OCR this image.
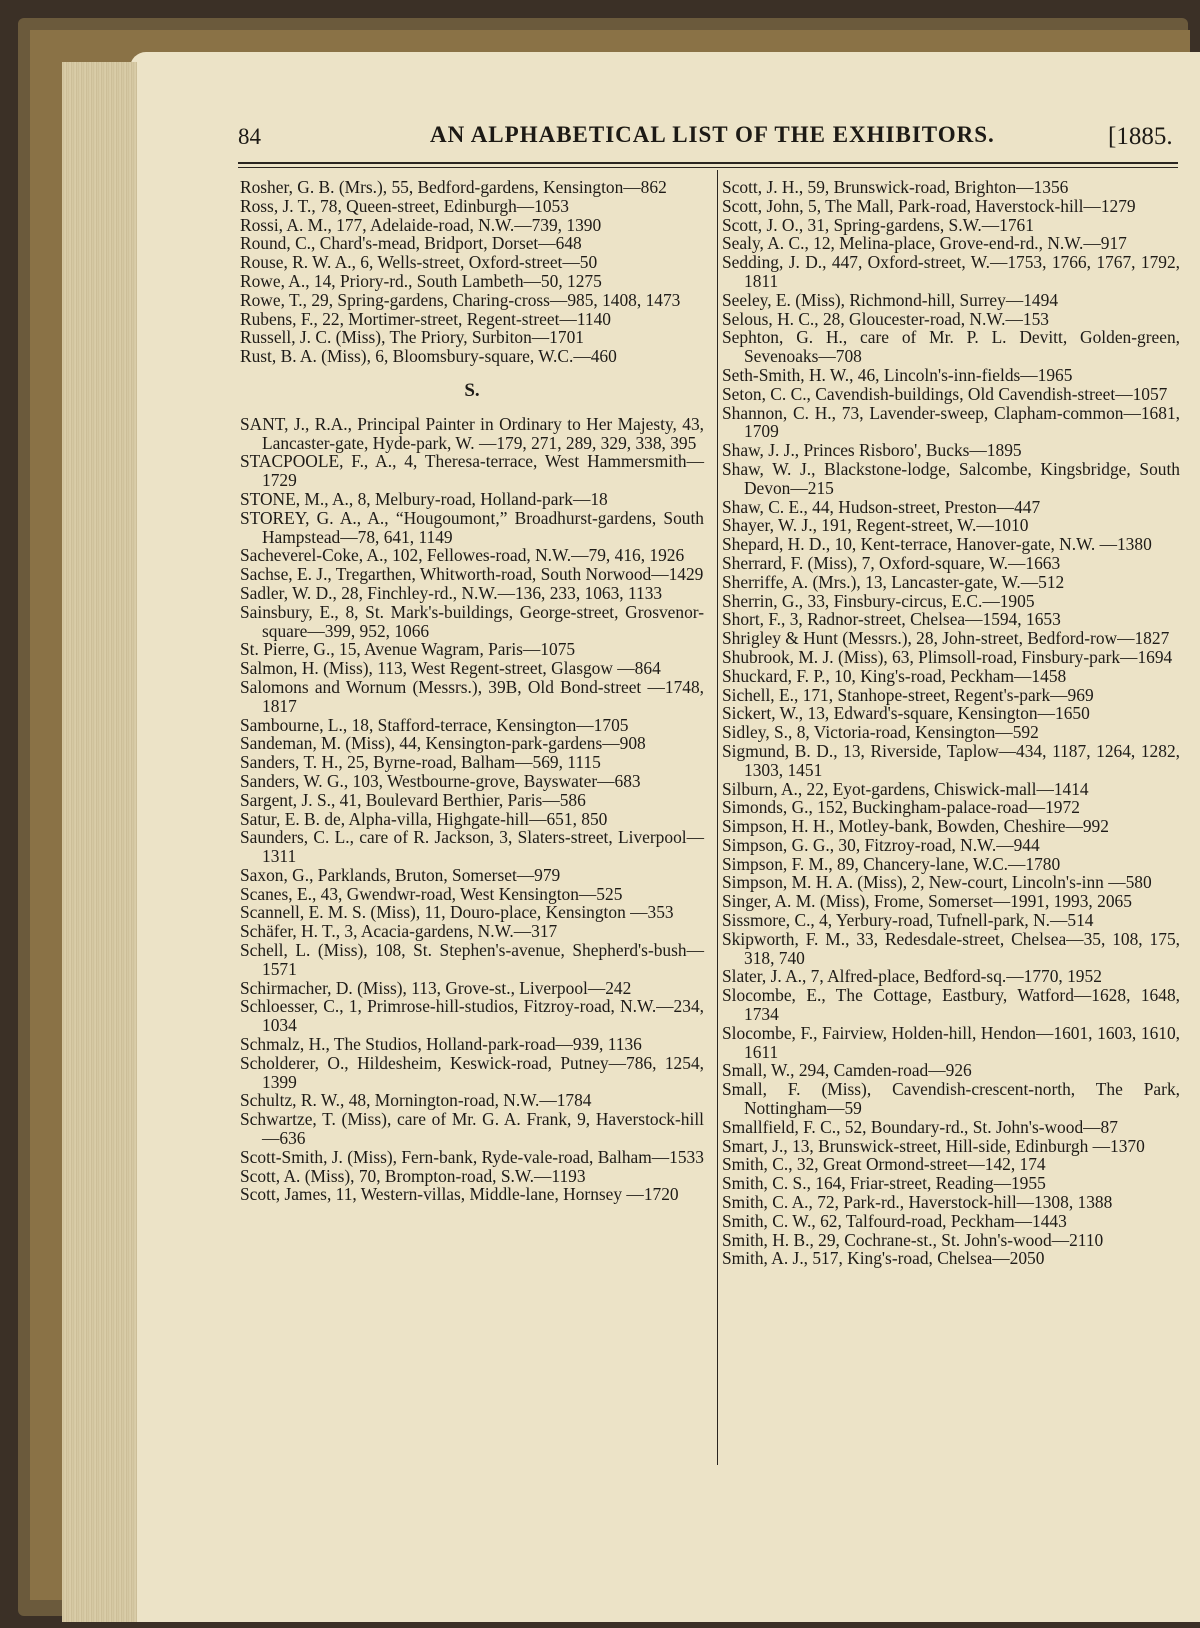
84	AN ALPHABETICAL LIST OF THE EXHIBITORS.	[1885.

Rosher, G. B. (Mrs.), 55, Bedford-gardens, Kensington—862

Ross, J. T., 78, Queen-street, Edinburgh—1053

Rossi, A. M., 177, Adelaide-road, N.W.—739, 1390

Round, C., Chard's-mead, Bridport, Dorset—648

Rouse, R. W. A., 6, Wells-street, Oxford-street—50

Rowe, A., 14, Priory-rd., South Lambeth—50, 1275

Rowe, T., 29, Spring-gardens, Charing-cross—985, 1408, 1473

Rubens, F., 22, Mortimer-street, Regent-street—1140

Russell, J. C. (Miss), The Priory, Surbiton—1701

Rust, B. A. (Miss), 6, Bloomsbury-square, W.C.—460

S.

SANT, J., R.A., Principal Painter in Ordinary to Her Majesty, 43, Lancaster-gate, Hyde-park, W. —179, 271, 289, 329, 338, 395

STACPOOLE, F., A., 4, Theresa-terrace, West Hammersmith—1729

STONE, M., A., 8, Melbury-road, Holland-park—18

STOREY, G. A., A., “Hougoumont,” Broadhurst-gardens, South Hampstead—78, 641, 1149

Sacheverel-Coke, A., 102, Fellowes-road, N.W.—79, 416, 1926

Sachse, E. J., Tregarthen, Whitworth-road, South Norwood—1429

Sadler, W. D., 28, Finchley-rd., N.W.—136, 233, 1063, 1133

Sainsbury, E., 8, St. Mark's-buildings, George-street, Grosvenor-square—399, 952, 1066

St. Pierre, G., 15, Avenue Wagram, Paris—1075

Salmon, H. (Miss), 113, West Regent-street, Glasgow —864

Salomons and Wornum (Messrs.), 39B, Old Bond-street —1748, 1817

Sambourne, L., 18, Stafford-terrace, Kensington—1705

Sandeman, M. (Miss), 44, Kensington-park-gardens—908

Sanders, T. H., 25, Byrne-road, Balham—569, 1115

Sanders, W. G., 103, Westbourne-grove, Bayswater—683

Sargent, J. S., 41, Boulevard Berthier, Paris—586

Satur, E. B. de, Alpha-villa, Highgate-hill—651, 850

Saunders, C. L., care of R. Jackson, 3, Slaters-street, Liverpool—1311

Saxon, G., Parklands, Bruton, Somerset—979

Scanes, E., 43, Gwendwr-road, West Kensington—525

Scannell, E. M. S. (Miss), 11, Douro-place, Kensington —353

Schäfer, H. T., 3, Acacia-gardens, N.W.—317

Schell, L. (Miss), 108, St. Stephen's-avenue, Shepherd's-bush—1571

Schirmacher, D. (Miss), 113, Grove-st., Liverpool—242

Schloesser, C., 1, Primrose-hill-studios, Fitzroy-road, N.W.—234, 1034

Schmalz, H., The Studios, Holland-park-road—939, 1136

Scholderer, O., Hildesheim, Keswick-road, Putney—786, 1254, 1399

Schultz, R. W., 48, Mornington-road, N.W.—1784

Schwartze, T. (Miss), care of Mr. G. A. Frank, 9, Haverstock-hill—636

Scott-Smith, J. (Miss), Fern-bank, Ryde-vale-road, Balham—1533

Scott, A. (Miss), 70, Brompton-road, S.W.—1193

Scott, James, 11, Western-villas, Middle-lane, Hornsey —1720

Scott, J. H., 59, Brunswick-road, Brighton—1356

Scott, John, 5, The Mall, Park-road, Haverstock-hill—1279

Scott, J. O., 31, Spring-gardens, S.W.—1761

Sealy, A. C., 12, Melina-place, Grove-end-rd., N.W.—917

Sedding, J. D., 447, Oxford-street, W.—1753, 1766, 1767, 1792, 1811

Seeley, E. (Miss), Richmond-hill, Surrey—1494

Selous, H. C., 28, Gloucester-road, N.W.—153

Sephton, G. H., care of Mr. P. L. Devitt, Golden-green, Sevenoaks—708

Seth-Smith, H. W., 46, Lincoln's-inn-fields—1965

Seton, C. C., Cavendish-buildings, Old Cavendish-street—1057

Shannon, C. H., 73, Lavender-sweep, Clapham-common—1681, 1709

Shaw, J. J., Princes Risboro', Bucks—1895

Shaw, W. J., Blackstone-lodge, Salcombe, Kingsbridge, South Devon—215

Shaw, C. E., 44, Hudson-street, Preston—447

Shayer, W. J., 191, Regent-street, W.—1010

Shepard, H. D., 10, Kent-terrace, Hanover-gate, N.W. —1380

Sherrard, F. (Miss), 7, Oxford-square, W.—1663

Sherriffe, A. (Mrs.), 13, Lancaster-gate, W.—512

Sherrin, G., 33, Finsbury-circus, E.C.—1905

Short, F., 3, Radnor-street, Chelsea—1594, 1653

Shrigley & Hunt (Messrs.), 28, John-street, Bedford-row—1827

Shubrook, M. J. (Miss), 63, Plimsoll-road, Finsbury-park—1694

Shuckard, F. P., 10, King's-road, Peckham—1458

Sichell, E., 171, Stanhope-street, Regent's-park—969

Sickert, W., 13, Edward's-square, Kensington—1650

Sidley, S., 8, Victoria-road, Kensington—592

Sigmund, B. D., 13, Riverside, Taplow—434, 1187, 1264, 1282, 1303, 1451

Silburn, A., 22, Eyot-gardens, Chiswick-mall—1414

Simonds, G., 152, Buckingham-palace-road—1972

Simpson, H. H., Motley-bank, Bowden, Cheshire—992

Simpson, G. G., 30, Fitzroy-road, N.W.—944

Simpson, F. M., 89, Chancery-lane, W.C.—1780

Simpson, M. H. A. (Miss), 2, New-court, Lincoln's-inn —580

Singer, A. M. (Miss), Frome, Somerset—1991, 1993, 2065

Sissmore, C., 4, Yerbury-road, Tufnell-park, N.—514

Skipworth, F. M., 33, Redesdale-street, Chelsea—35, 108, 175, 318, 740

Slater, J. A., 7, Alfred-place, Bedford-sq.—1770, 1952

Slocombe, E., The Cottage, Eastbury, Watford—1628, 1648, 1734

Slocombe, F., Fairview, Holden-hill, Hendon—1601, 1603, 1610, 1611

Small, W., 294, Camden-road—926

Small, F. (Miss), Cavendish-crescent-north, The Park, Nottingham—59

Smallfield, F. C., 52, Boundary-rd., St. John's-wood—87

Smart, J., 13, Brunswick-street, Hill-side, Edinburgh —1370

Smith, C., 32, Great Ormond-street—142, 174

Smith, C. S., 164, Friar-street, Reading—1955

Smith, C. A., 72, Park-rd., Haverstock-hill—1308, 1388

Smith, C. W., 62, Talfourd-road, Peckham—1443

Smith, H. B., 29, Cochrane-st., St. John's-wood—2110

Smith, A. J., 517, King's-road, Chelsea—2050
